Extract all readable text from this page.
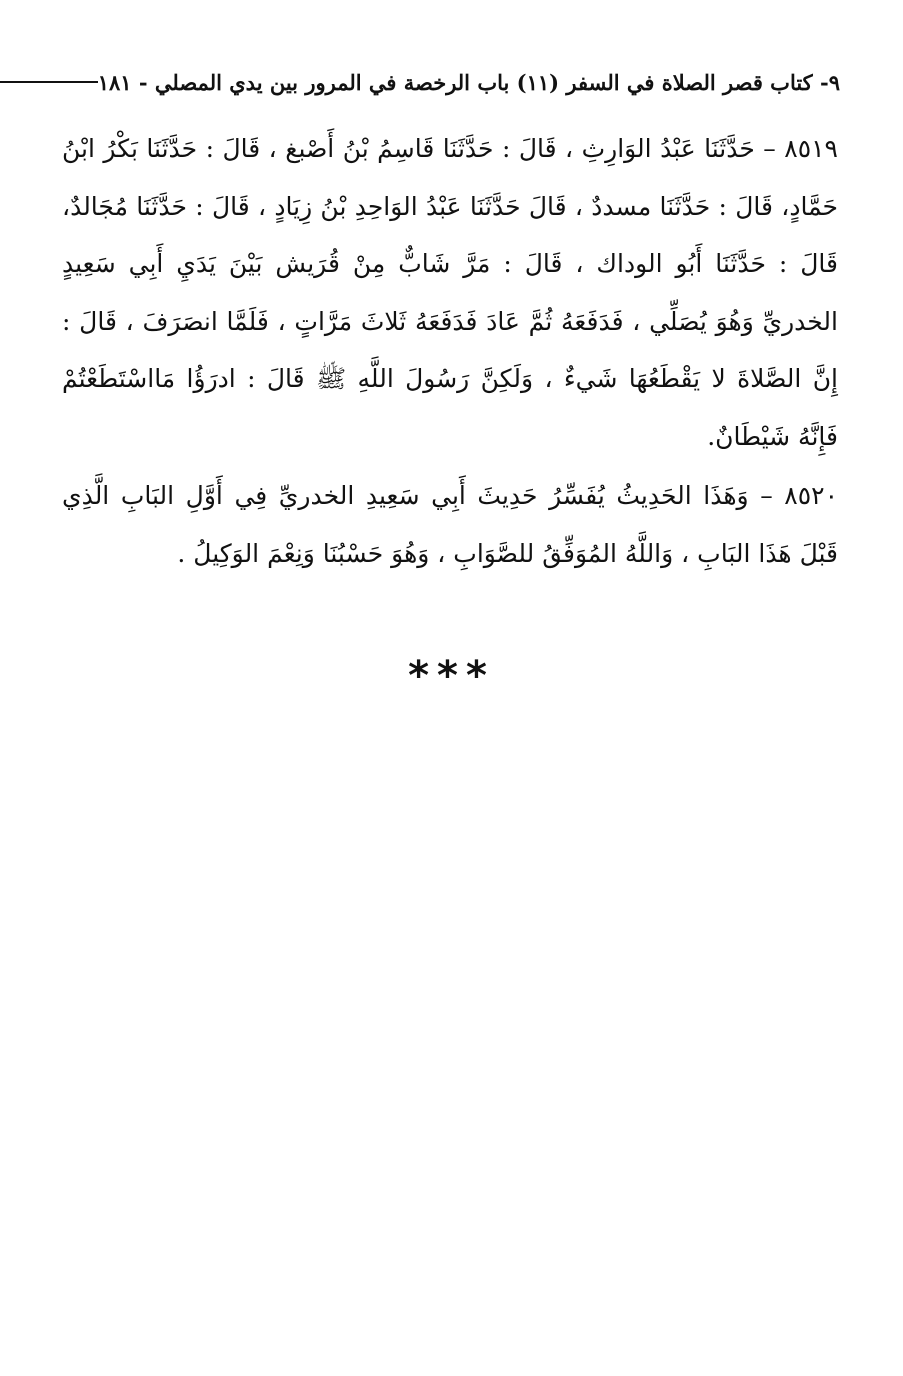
٩- كتاب قصر الصلاة في السفر (١١) باب الرخصة في المرور بين يدي المصلي - ١٨١

٨٥١٩ – حَدَّثَنَا عَبْدُ الوَارِثِ ، قَالَ : حَدَّثَنَا قَاسِمُ بْنُ أَصْبغ ، قَالَ : حَدَّثَنَا بَكْرُ ابْنُ حَمَّادٍ، قَالَ : حَدَّثَنَا مسددٌ ، قَالَ حَدَّثَنَا عَبْدُ الوَاحِدِ بْنُ زِيَادٍ ، قَالَ : حَدَّثَنَا مُجَالدٌ، قَالَ : حَدَّثَنَا أَبُو الوداك ، قَالَ : مَرَّ شَابٌّ مِنْ قُرَيش بَيْنَ يَدَيِ أَبِي سَعِيدٍ الخدريِّ وَهُوَ يُصَلِّي ، فَدَفَعَهُ ثُمَّ عَادَ فَدَفَعَهُ ثَلاثَ مَرَّاتٍ ، فَلَمَّا انصَرَفَ ، قَالَ : إِنَّ الصَّلاةَ لا يَقْطَعُهَا شَيءٌ ، وَلَكِنَّ رَسُولَ اللَّهِ ﷺ قَالَ : ادرَؤُا مَااسْتَطَعْتُمْ فَإِنَّهُ شَيْطَانٌ.

٨٥٢٠ – وَهَذَا الحَدِيثُ يُفَسِّرُ حَدِيثَ أَبِي سَعِيدِ الخدريِّ فِي أَوَّلِ البَابِ الَّذِي قَبْلَ هَذَا البَابِ ، وَاللَّهُ المُوَفِّقُ للصَّوَابِ ، وَهُوَ حَسْبُنَا وَنِعْمَ الوَكِيلُ .

***
